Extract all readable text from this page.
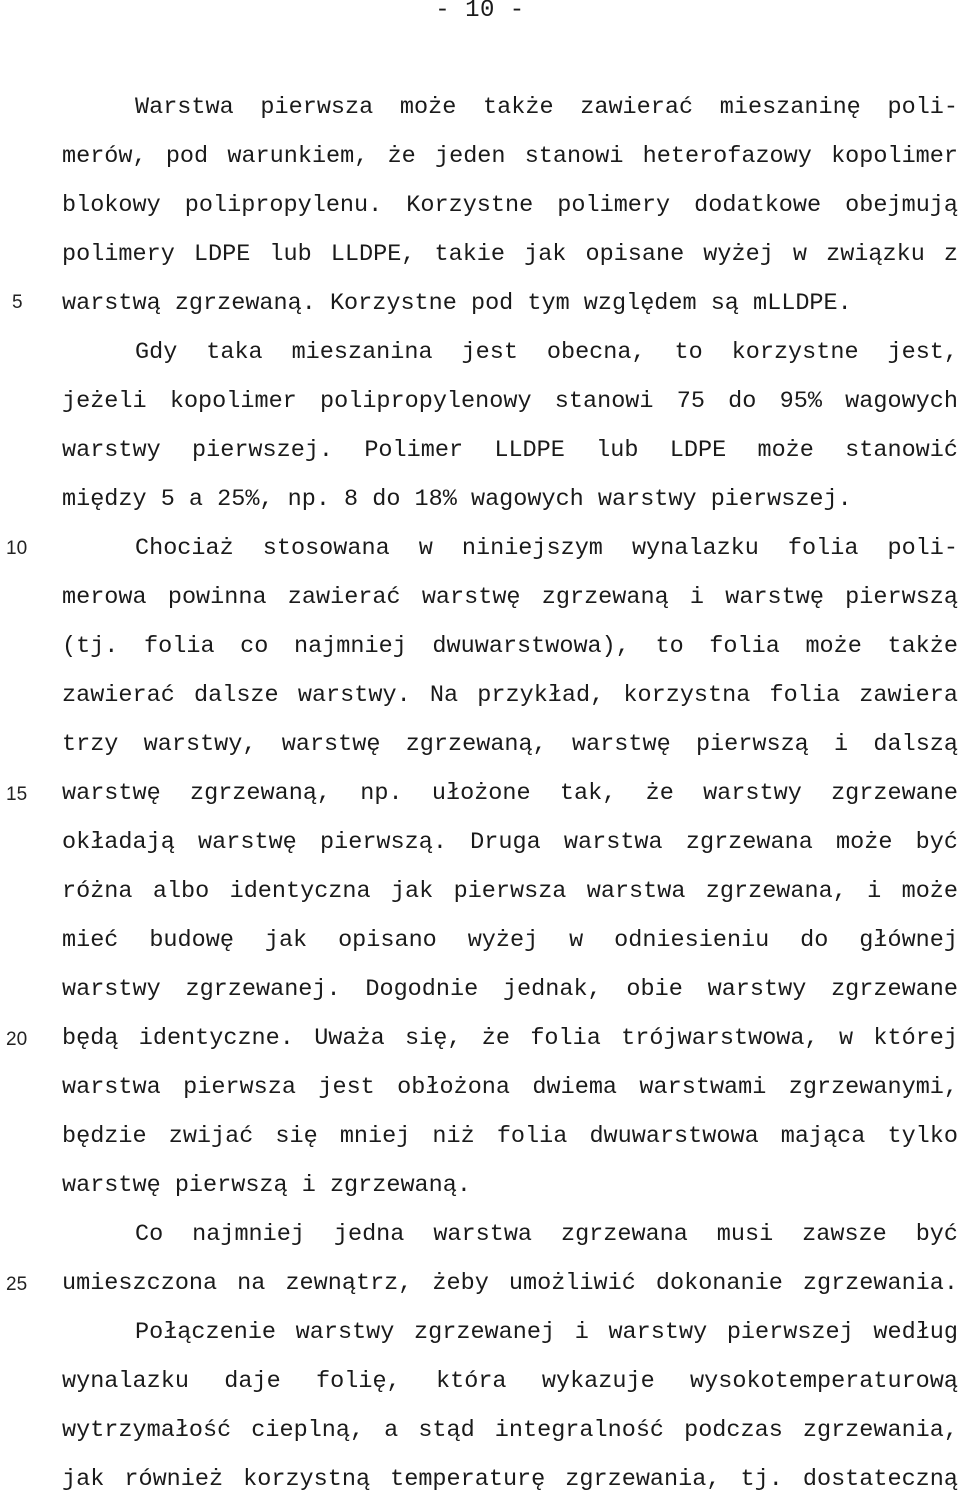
- 10 -
5
10
15
20
25
Warstwa pierwsza może także zawierać mieszaninę poli-
merów, pod warunkiem, że jeden stanowi heterofazowy kopolimer
blokowy polipropylenu. Korzystne polimery dodatkowe obejmują
polimery LDPE lub LLDPE, takie jak opisane wyżej w związku z
warstwą zgrzewaną. Korzystne pod tym względem są mLLDPE.
Gdy taka mieszanina jest obecna, to korzystne jest,
jeżeli kopolimer polipropylenowy stanowi 75 do 95% wagowych
warstwy pierwszej. Polimer LLDPE lub LDPE może stanowić
między 5 a 25%, np. 8 do 18% wagowych warstwy pierwszej.
Chociaż stosowana w niniejszym wynalazku folia poli-
merowa powinna zawierać warstwę zgrzewaną i warstwę pierwszą
(tj. folia co najmniej dwuwarstwowa), to folia może także
zawierać dalsze warstwy. Na przykład, korzystna folia zawiera
trzy warstwy, warstwę zgrzewaną, warstwę pierwszą i dalszą
warstwę zgrzewaną, np. ułożone tak, że warstwy zgrzewane
okładają warstwę pierwszą. Druga warstwa zgrzewana może być
różna albo identyczna jak pierwsza warstwa zgrzewana, i może
mieć budowę jak opisano wyżej w odniesieniu do głównej
warstwy zgrzewanej. Dogodnie jednak, obie warstwy zgrzewane
będą identyczne. Uważa się, że folia trójwarstwowa, w której
warstwa pierwsza jest obłożona dwiema warstwami zgrzewanymi,
będzie zwijać się mniej niż folia dwuwarstwowa mająca tylko
warstwę pierwszą i zgrzewaną.
Co najmniej jedna warstwa zgrzewana musi zawsze być
umieszczona na zewnątrz, żeby umożliwić dokonanie zgrzewania.
Połączenie warstwy zgrzewanej i warstwy pierwszej według
wynalazku daje folię, która wykazuje wysokotemperaturową
wytrzymałość cieplną, a stąd integralność podczas zgrzewania,
jak również korzystną temperaturę zgrzewania, tj. dostateczną
